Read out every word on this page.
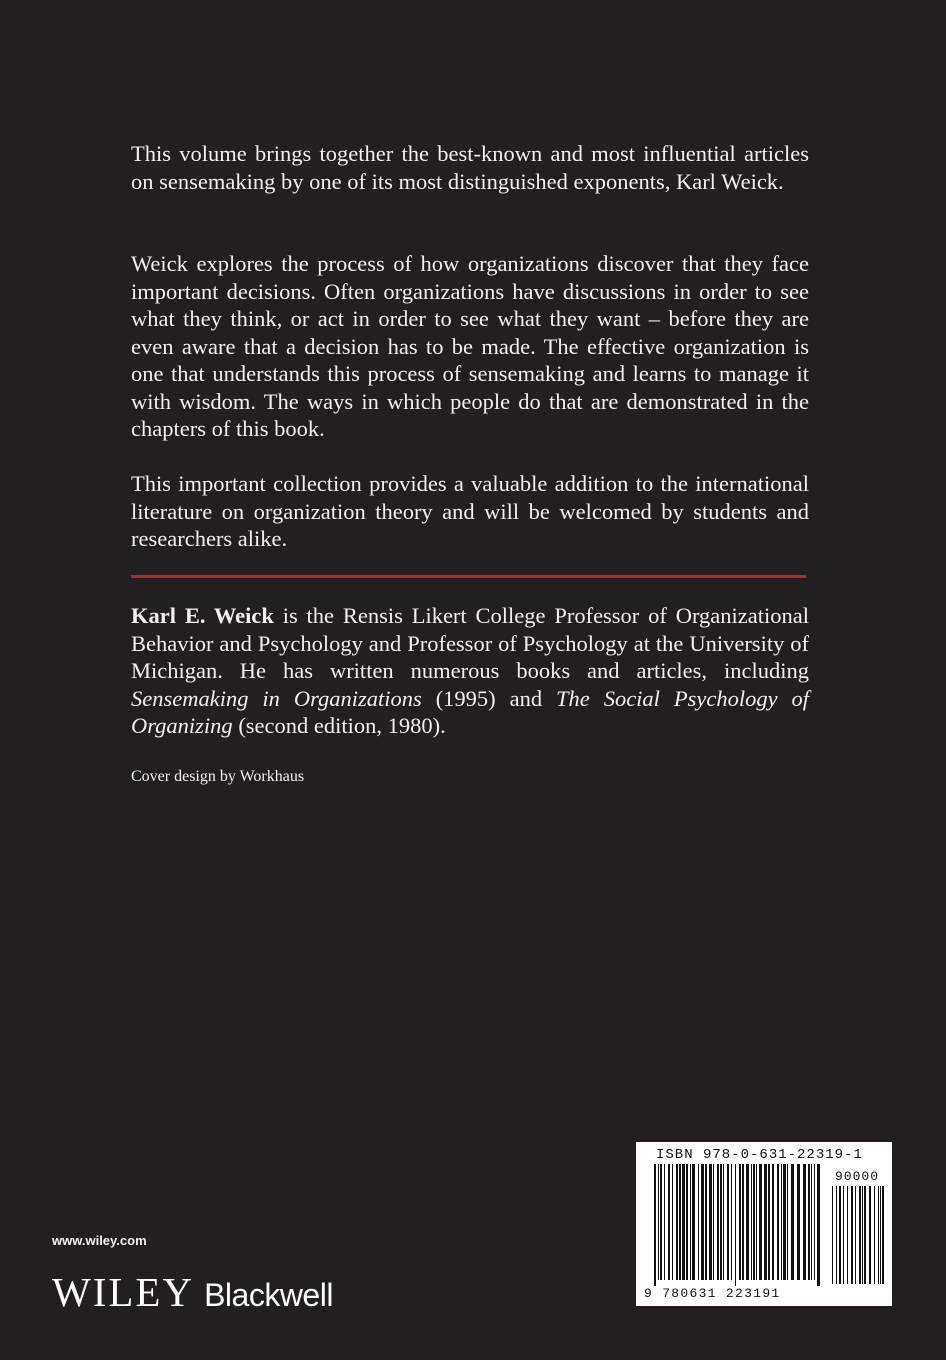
This volume brings together the best-known and most influential articles on sensemaking by one of its most distinguished exponents, Karl Weick.

Weick explores the process of how organizations discover that they face important decisions. Often organizations have discussions in order to see what they think, or act in order to see what they want – before they are even aware that a decision has to be made. The effective organization is one that understands this process of sensemaking and learns to manage it with wisdom. The ways in which people do that are demonstrated in the chapters of this book.

This important collection provides a valuable addition to the international literature on organization theory and will be welcomed by students and researchers alike.

Karl E. Weick is the Rensis Likert College Professor of Organizational Behavior and Psychology and Professor of Psychology at the University of Michigan. He has written numerous books and articles, including Sensemaking in Organizations (1995) and The Social Psychology of Organizing (second edition, 1980).

Cover design by Workhaus
www.wiley.com
WILEY Blackwell
ISBN 978-0-631-22319-1
90000
9 780631 223191
